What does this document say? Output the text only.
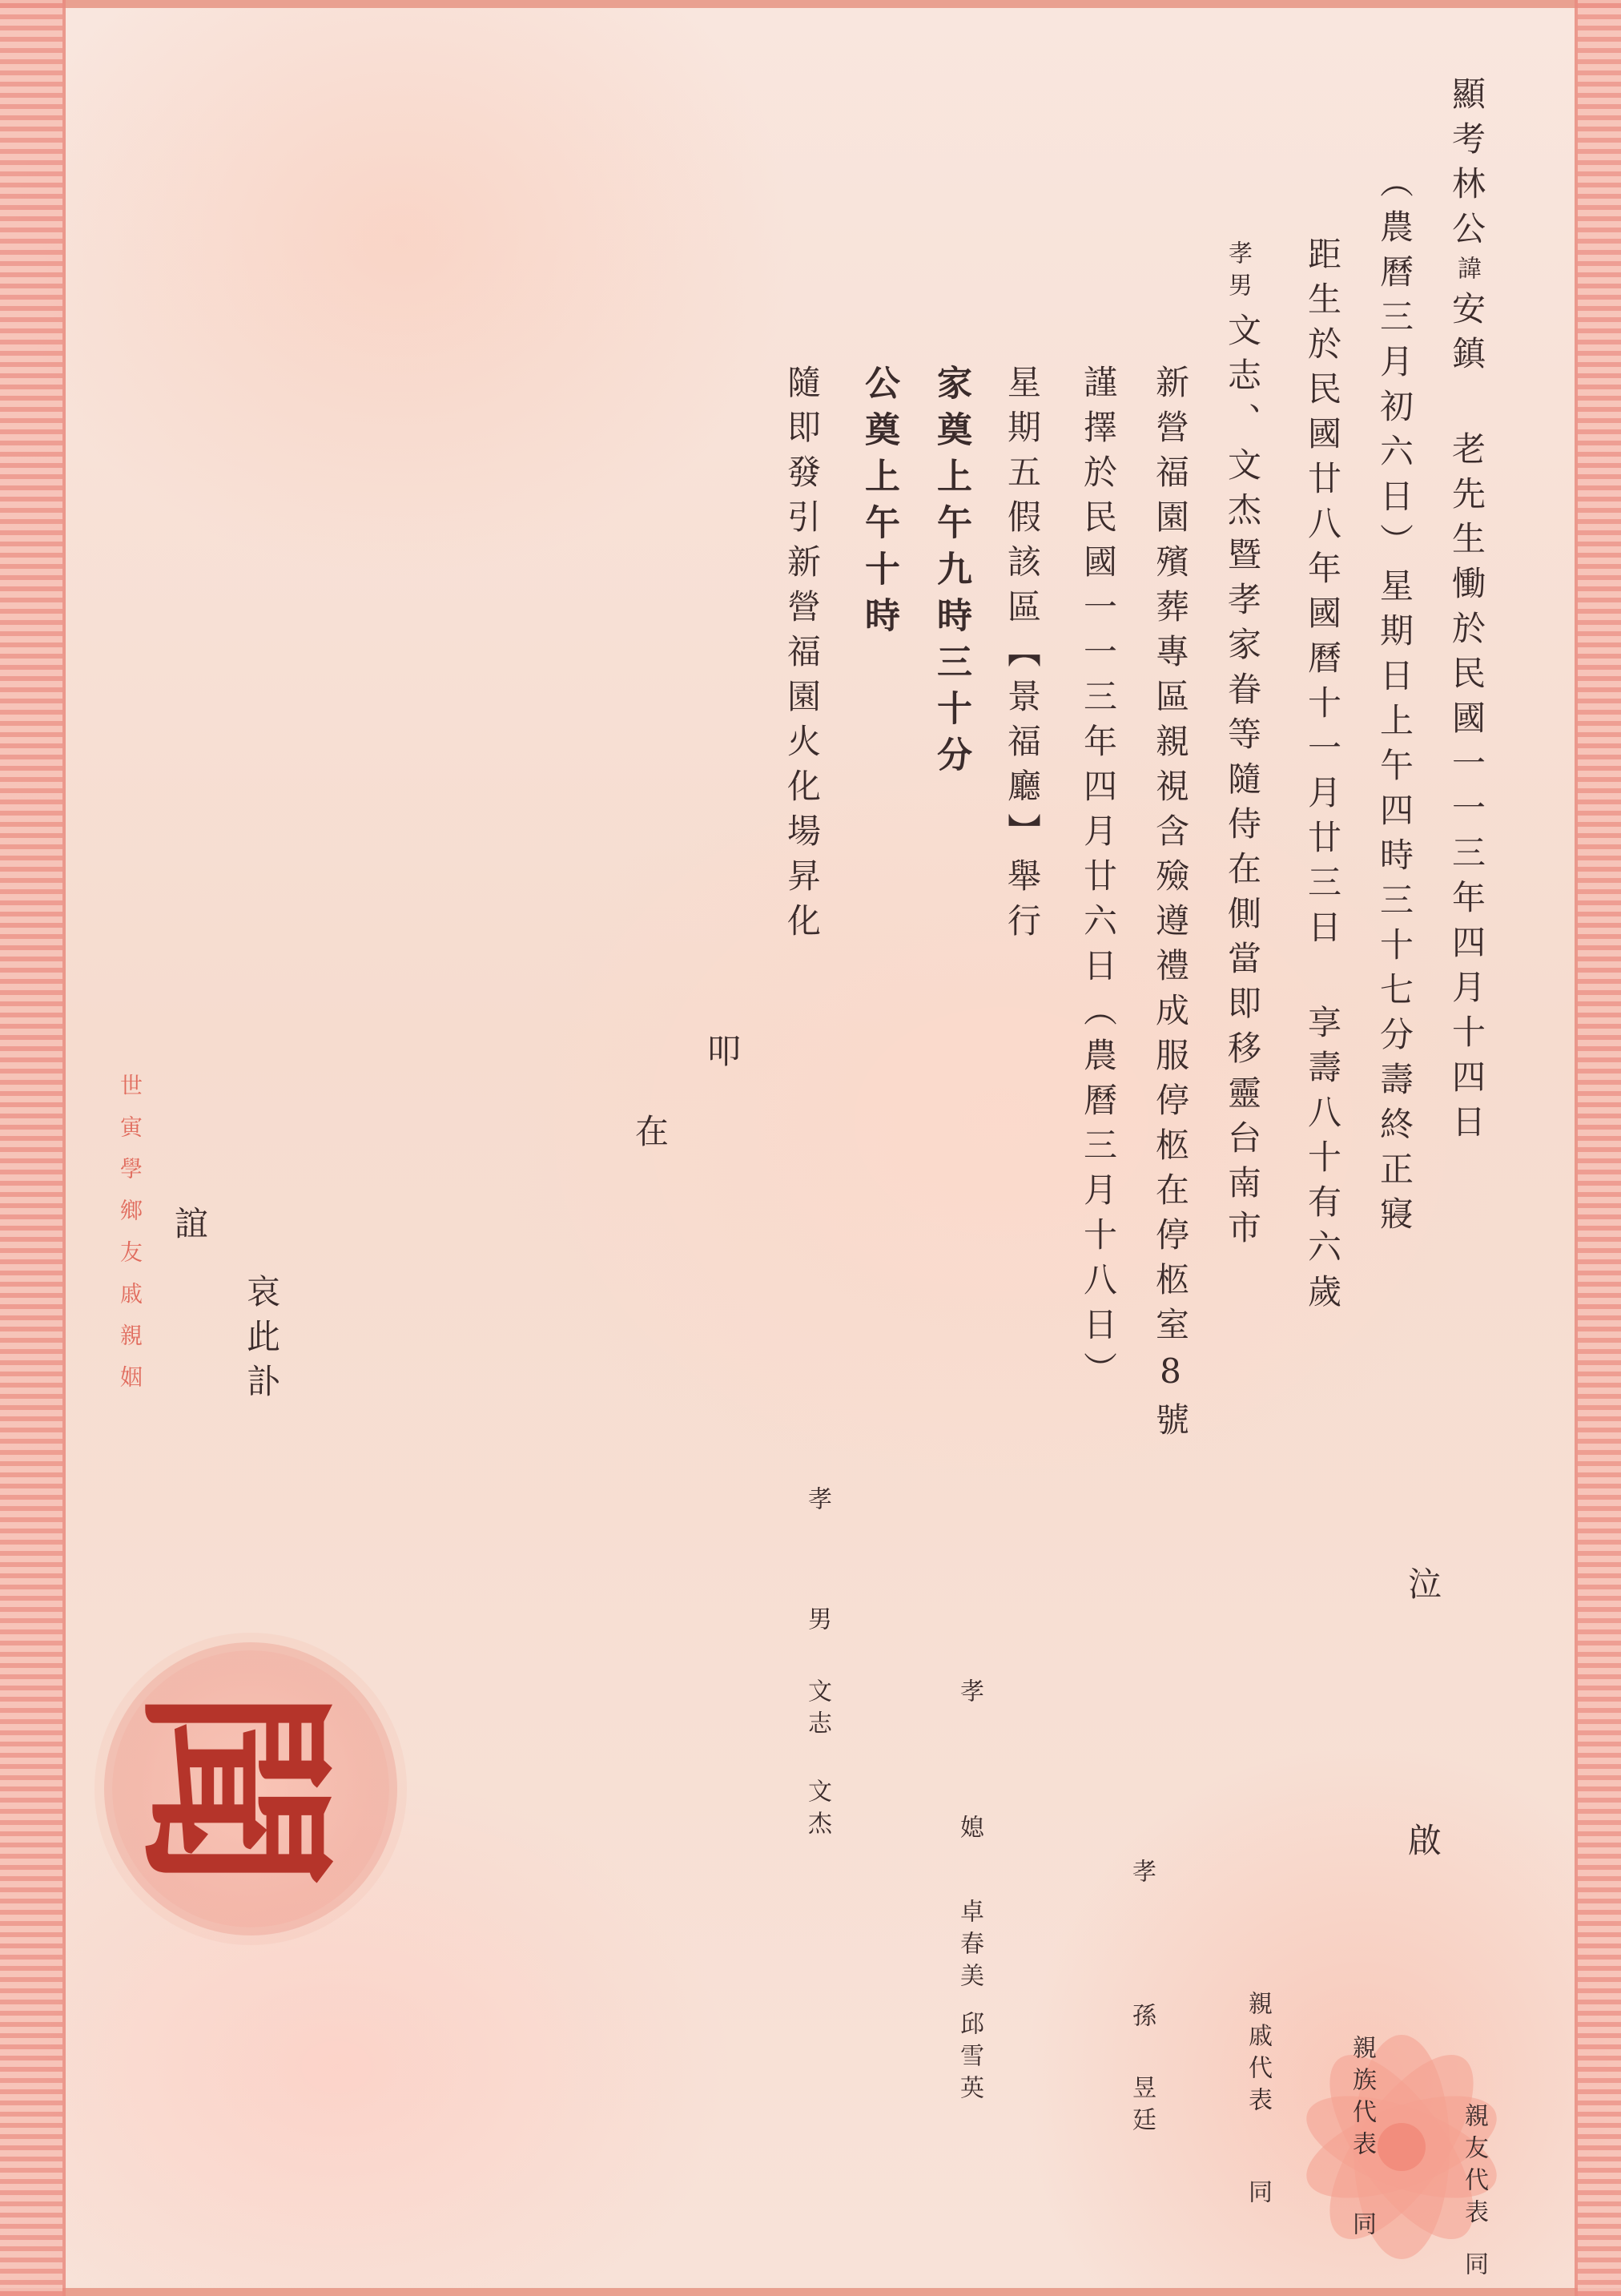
世寅學鄉友戚親姻
顯考林公諱安鎮 老先生慟於民國一一三年四月十四日
（農曆三月初六日）星期日上午四時三十七分壽終正寢
距生於民國廿八年國曆十一月廿三日 享壽八十有六歲
孝男
文志、文杰暨孝家眷等隨侍在側當即移靈台南市
新營福園殯葬專區親視含殮遵禮成服停柩在停柩室8號
謹擇於民國一一三年四月廿六日（農曆三月十八日）
星期五假該區【景福廳】舉行
家奠上午九時三十分
公奠上午十時
隨即發引新營福園火化場昇化
叩
在
誼
哀此訃
孝
男
文志
文杰
泣
孝
媳
卓春美
邱雪英
孝
孫
昱廷
啟
親戚代表
同
親族代表
同	親友代表
同
聞
